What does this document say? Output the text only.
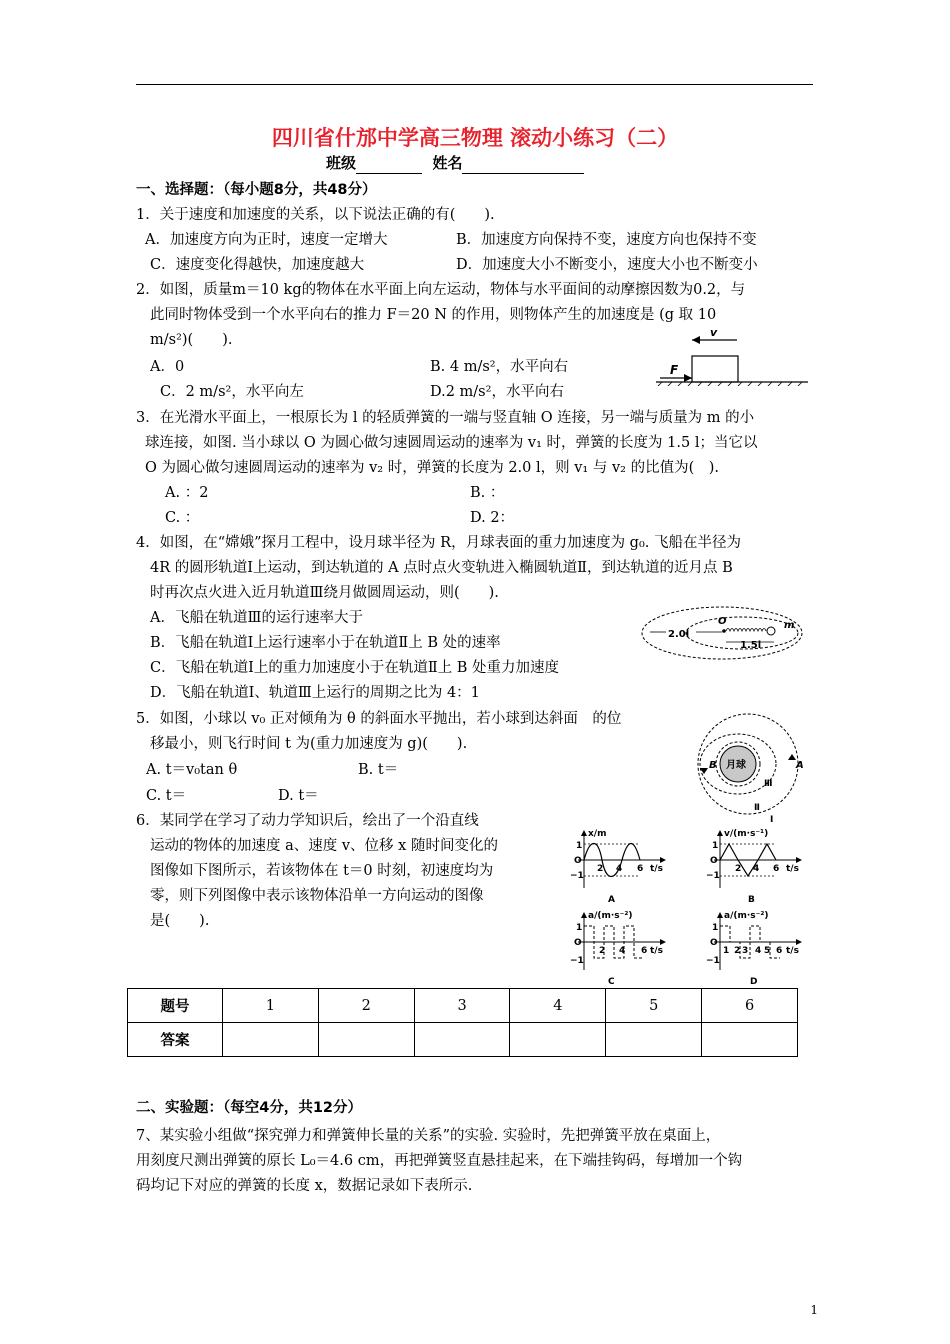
四川省什邡中学高三物理 滚动小练习（二）
班级	姓名
一、选择题：（每小题8分，共48分）
1．关于速度和加速度的关系，以下说法正确的有(　　).
A．加速度方向为正时，速度一定增大	B．加速度方向保持不变，速度方向也保持不变
C．速度变化得越快，加速度越大	D．加速度大小不断变小，速度大小也不断变小
2．如图，质量m＝10 kg的物体在水平面上向左运动，物体与水平面间的动摩擦因数为0.2，与
此同时物体受到一个水平向右的推力 F＝20 N 的作用，则物体产生的加速度是 (g 取 10
m/s²)(　　).
A．0	B. 4 m/s²，水平向右
C．2 m/s²，水平向左	D.2 m/s²，水平向右
v
F
3．在光滑水平面上，一根原长为 l 的轻质弹簧的一端与竖直轴 O 连接，另一端与质量为 m 的小
球连接，如图. 当小球以 O 为圆心做匀速圆周运动的速率为 v₁ 时，弹簧的长度为 1.5 l；当它以
O 为圆心做匀速圆周运动的速率为 v₂ 时，弹簧的长度为 2.0 l，则 v₁ 与 v₂ 的比值为(　).
A. ：2	B. ：
C. ：	D. 2：
4．如图，在“嫦娥”探月工程中，设月球半径为 R，月球表面的重力加速度为 g₀. 飞船在半径为
4R 的圆形轨道Ⅰ上运动，到达轨道的 A 点时点火变轨进入椭圆轨道Ⅱ，到达轨道的近月点 B
时再次点火进入近月轨道Ⅲ绕月做圆周运动，则(　　).
A．飞船在轨道Ⅲ的运行速率大于
B．飞船在轨道Ⅰ上运行速率小于在轨道Ⅱ上 B 处的速率
C．飞船在轨道Ⅰ上的重力加速度小于在轨道Ⅱ上 B 处重力加速度
D．飞船在轨道Ⅰ、轨道Ⅲ上运行的周期之比为 4：1
2.0l
O	m
1.5l
5．如图，小球以 v₀ 正对倾角为 θ 的斜面水平抛出，若小球到达斜面　的位
移最小，则飞行时间 t 为(重力加速度为 g)(　　).
A. t＝v₀tan θ	B. t＝
C. t＝	D. t＝
月球
B	A
Ⅲ
Ⅱ
Ⅰ
6．某同学在学习了动力学知识后，绘出了一个沿直线
运动的物体的加速度 a、速度 v、位移 x 随时间变化的
图像如下图所示，若该物体在 t＝0 时刻，初速度均为
零，则下列图像中表示该物体沿单一方向运动的图像
是(　　).
x/m
1
−1
O
2 4 6 t/s
A
v/(m·s⁻¹)
1
−1
O
2 4 6 t/s
B
a/(m·s⁻²)
1
−1
O
2 4 6 t/s
C
a/(m·s⁻²)
1
−1
O
1 2 3 4 5 6 t/s
D
题号	1	2	3	4	5	6
答案						
二、实验题：（每空4分，共12分）
7、某实验小组做“探究弹力和弹簧伸长量的关系”的实验. 实验时，先把弹簧平放在桌面上，
用刻度尺测出弹簧的原长 L₀＝4.6 cm，再把弹簧竖直悬挂起来，在下端挂钩码，每增加一个钩
码均记下对应的弹簧的长度 x，数据记录如下表所示.
1
